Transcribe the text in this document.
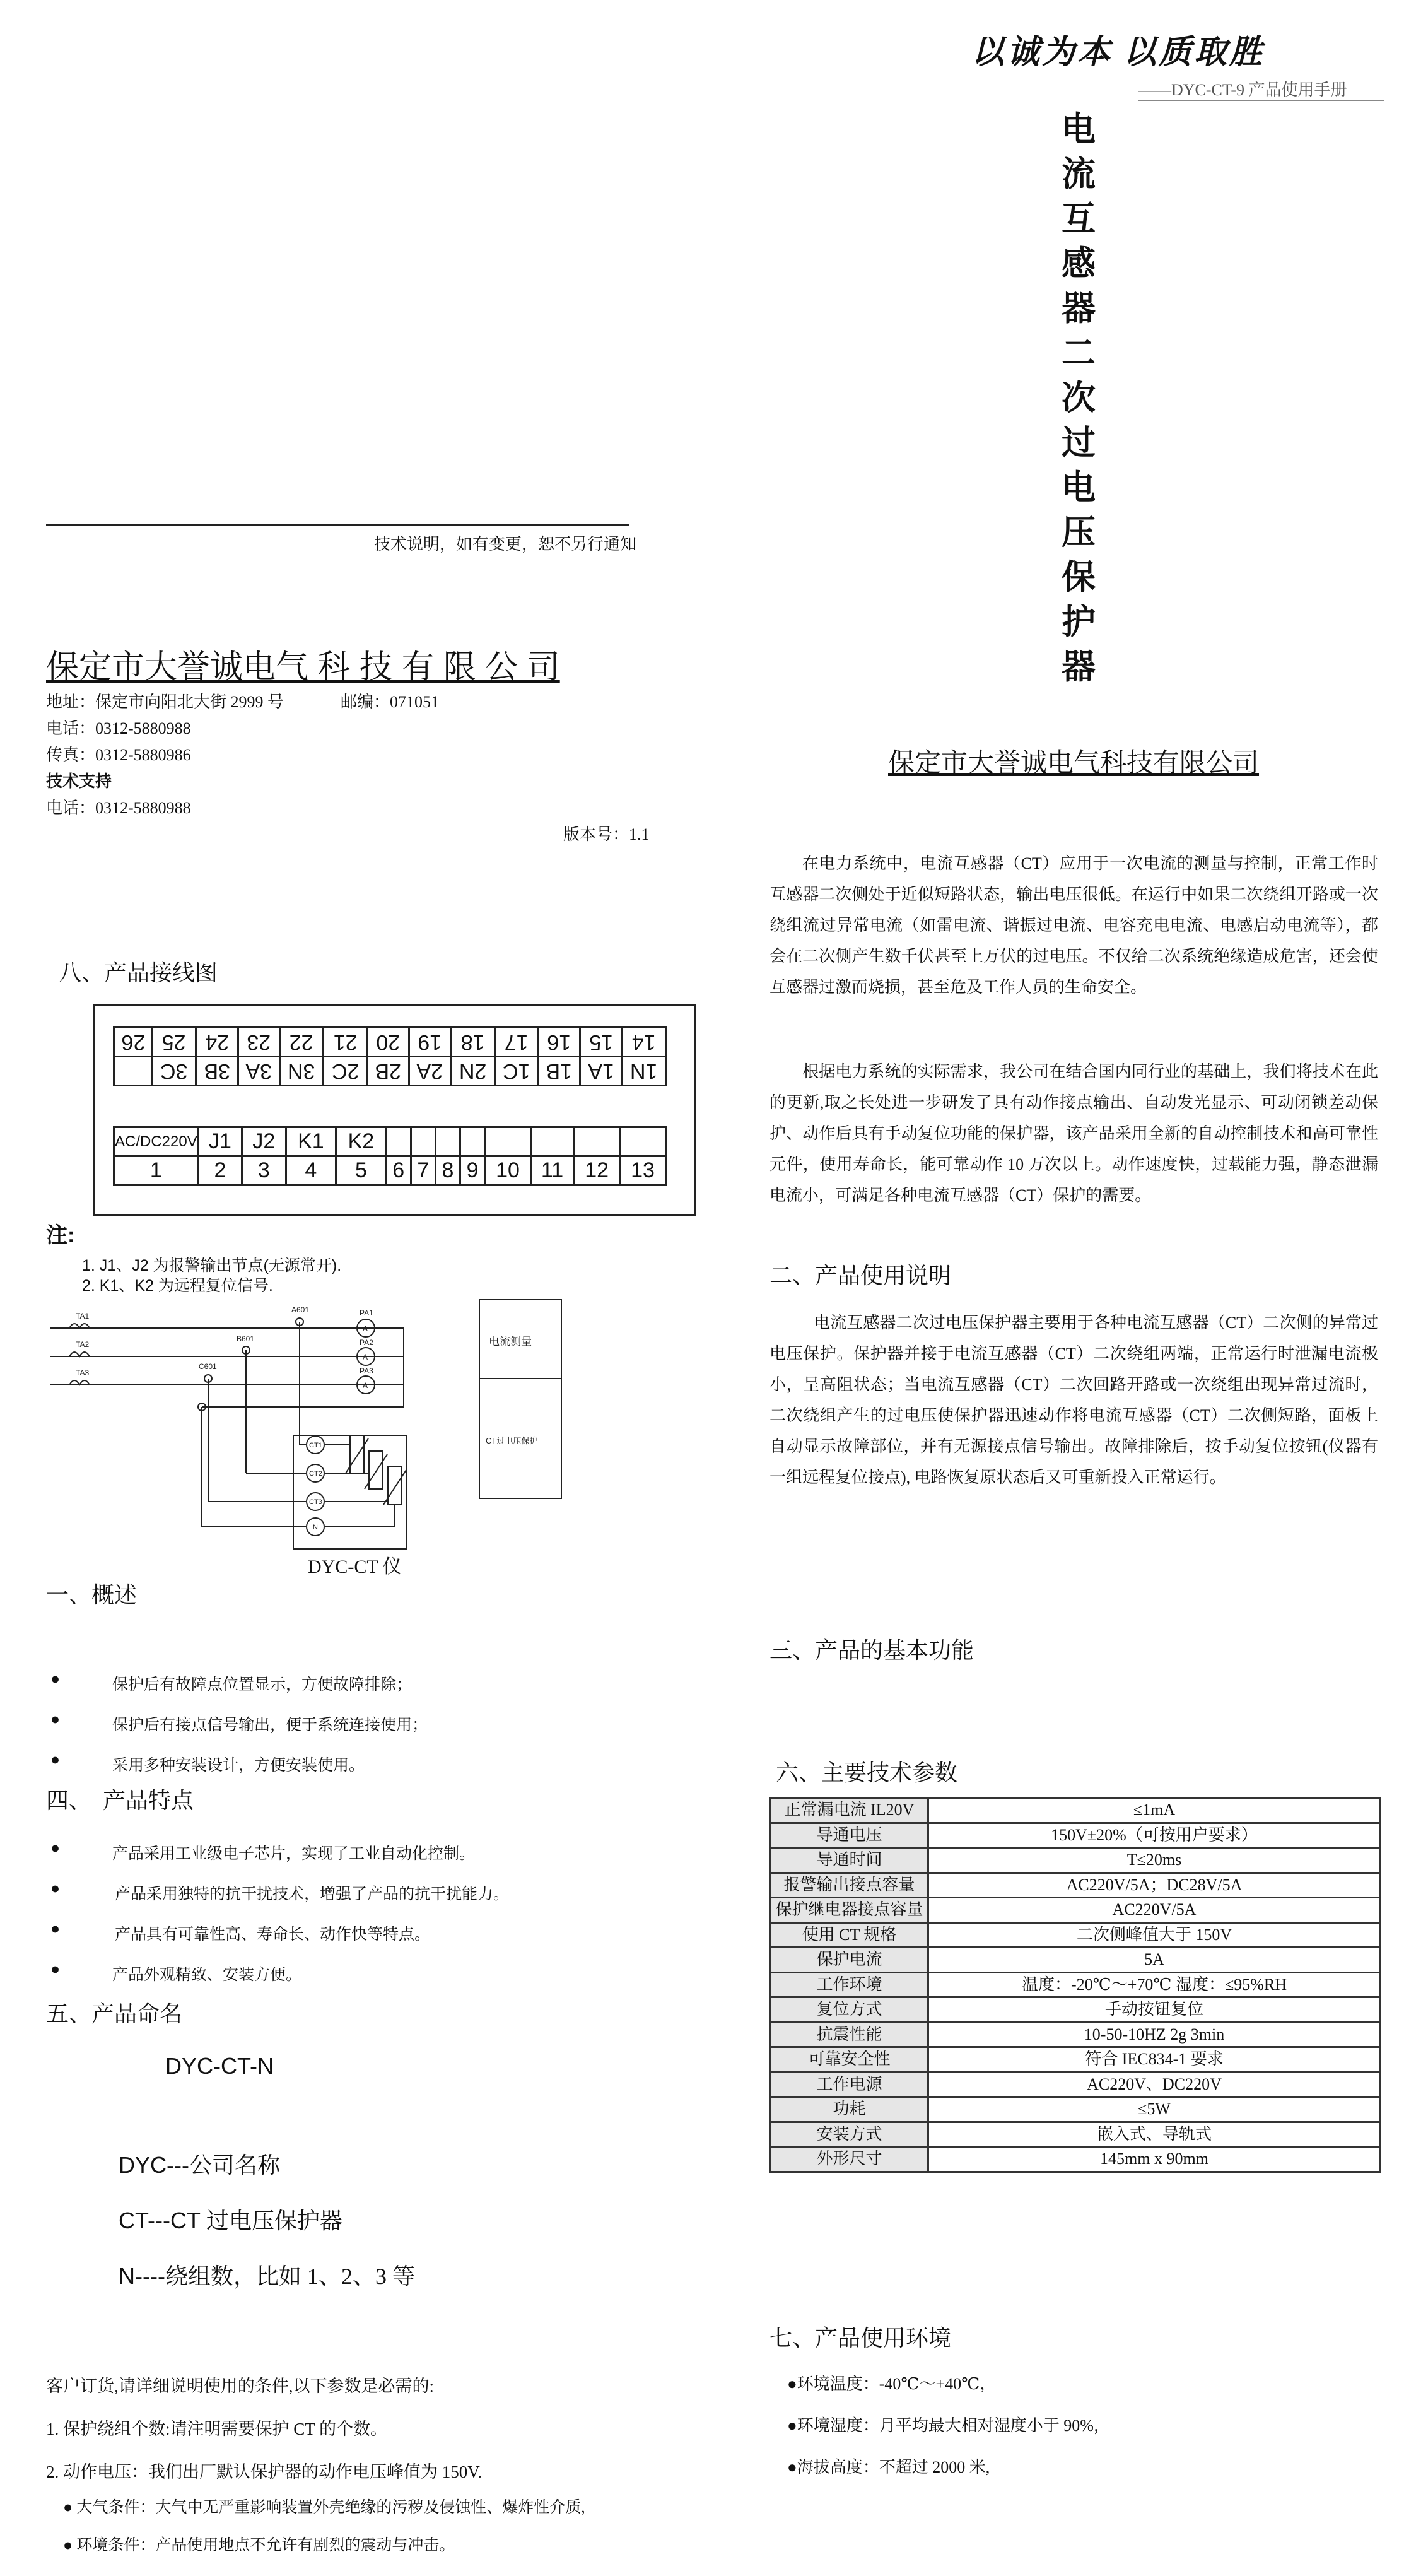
以诚为本 以质取胜
——DYC-CT-9 产品使用手册
电
流
互
感
器
二
次
过
电
压
保
护
器
保定市大誉诚电气科技有限公司
技术说明，如有变更，恕不另行通知
保定市大誉诚电气 科 技 有 限 公 司
地址：保定市向阳北大街 2999 号	邮编：071051
电话：0312-5880988
传真：0312-5880986
技术支持
电话：0312-5880988
版本号：1.1
八、产品接线图
26	25	24	23	22	21	20	19	18	17	16	15	14
	3C	3B	3A	3N	2C	2B	2A	2N	1C	1B	1A	1N
AC/DC220V	J1	J2	K1	K2								
1	2	3	4	5	6	7	8	9	10	11	12	13
注:
1. J1、J2 为报警输出节点(无源常开).
2. K1、K2 为远程复位信号.
TA1
TA2
TA3
A601
B601
C601
PA1
PA2
PA3
A
A
A
CT1
CT2
CT3
N
电流测量
CT过电压保护
DYC-CT 仪
一、概述
●	保护后有故障点位置显示，方便故障排除；
●	保护后有接点信号输出，便于系统连接使用；
●	采用多种安装设计，方便安装使用。
四、　产品特点
●	产品采用工业级电子芯片，实现了工业自动化控制。
●	产品采用独特的抗干扰技术，增强了产品的抗干扰能力。
●	产品具有可靠性高、寿命长、动作快等特点。
●	产品外观精致、安装方便。
五、产品命名
DYC-CT-N
DYC---公司名称
CT---CT 过电压保护器
N----绕组数，比如 1、2、3 等
客户订货,请详细说明使用的条件,以下参数是必需的:
1. 保护绕组个数:请注明需要保护 CT 的个数。
2. 动作电压：我们出厂默认保护器的动作电压峰值为 150V.
● 大气条件：大气中无严重影响装置外壳绝缘的污秽及侵蚀性、爆炸性介质,
● 环境条件：产品使用地点不允许有剧烈的震动与冲击。
在电力系统中，电流互感器（CT）应用于一次电流的测量与控制，正常工作时互感器二次侧处于近似短路状态，输出电压很低。在运行中如果二次绕组开路或一次绕组流过异常电流（如雷电流、谐振过电流、电容充电电流、电感启动电流等），都会在二次侧产生数千伏甚至上万伏的过电压。不仅给二次系统绝缘造成危害，还会使互感器过激而烧损，甚至危及工作人员的生命安全。
根据电力系统的实际需求，我公司在结合国内同行业的基础上，我们将技术在此的更新,取之长处进一步研发了具有动作接点输出、自动发光显示、可动闭锁差动保护、动作后具有手动复位功能的保护器，该产品采用全新的自动控制技术和高可靠性元件，使用寿命长，能可靠动作 10 万次以上。动作速度快，过载能力强，静态泄漏电流小，可满足各种电流互感器（CT）保护的需要。
二、产品使用说明
电流互感器二次过电压保护器主要用于各种电流互感器（CT）二次侧的异常过电压保护。保护器并接于电流互感器（CT）二次绕组两端，正常运行时泄漏电流极小，呈高阻状态；当电流互感器（CT）二次回路开路或一次绕组出现异常过流时，二次绕组产生的过电压使保护器迅速动作将电流互感器（CT）二次侧短路，面板上自动显示故障部位，并有无源接点信号输出。故障排除后，按手动复位按钮(仪器有一组远程复位接点), 电路恢复原状态后又可重新投入正常运行。
三、产品的基本功能
六、主要技术参数
正常漏电流 IL20V	≤1mA
导通电压	150V±20%（可按用户要求）
导通时间	T≤20ms
报警输出接点容量	AC220V/5A；DC28V/5A
保护继电器接点容量	AC220V/5A
使用 CT 规格	二次侧峰值大于 150V
保护电流	5A
工作环境	温度：-20℃～+70℃ 湿度：≤95%RH
复位方式	手动按钮复位
抗震性能	10-50-10HZ 2g 3min
可靠安全性	符合 IEC834-1 要求
工作电源	AC220V、DC220V
功耗	≤5W
安装方式	嵌入式、导轨式
外形尺寸	145mm x 90mm
七、产品使用环境
●环境温度：-40℃～+40℃，
●环境湿度：月平均最大相对湿度小于 90%，
●海拔高度：不超过 2000 米,
